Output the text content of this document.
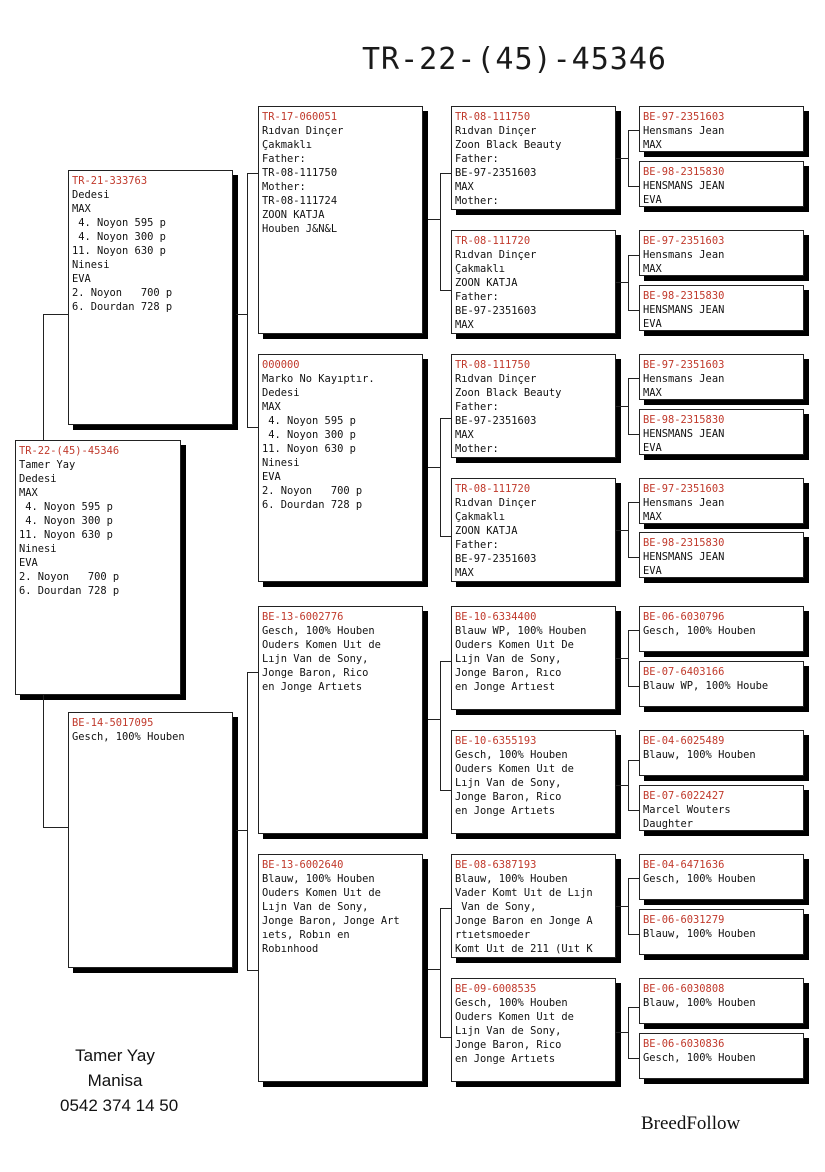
TR-22-(45)-45346
TR-22-(45)-45346
Tamer Yay
Dedesi
MAX
4. Noyon 595 p
4. Noyon 300 p
11. Noyon 630 p
Ninesi
EVA
2. Noyon   700 p
6. Dourdan 728 p
TR-21-333763
Dedesi
MAX
4. Noyon 595 p
4. Noyon 300 p
11. Noyon 630 p
Ninesi
EVA
2. Noyon   700 p
6. Dourdan 728 p
BE-14-5017095
Gesch, 100% Houben
TR-17-060051
Rıdvan Dinçer
Çakmaklı
Father:
TR-08-111750
Mother:
TR-08-111724
ZOON KATJA
Houben J&N&L
000000
Marko No Kayıptır.
Dedesi
MAX
4. Noyon 595 p
4. Noyon 300 p
11. Noyon 630 p
Ninesi
EVA
2. Noyon   700 p
6. Dourdan 728 p
BE-13-6002776
Gesch, 100% Houben
Ouders Komen Uıt de
Lıjn Van de Sony,
Jonge Baron, Rico
en Jonge Artıets
BE-13-6002640
Blauw, 100% Houben
Ouders Komen Uıt de
Lıjn Van de Sony,
Jonge Baron, Jonge Art
ıets, Robın en
Robınhood
TR-08-111750
Rıdvan Dinçer
Zoon Black Beauty
Father:
BE-97-2351603
MAX
Mother:
TR-08-111720
Rıdvan Dinçer
Çakmaklı
ZOON KATJA
Father:
BE-97-2351603
MAX
TR-08-111750
Rıdvan Dinçer
Zoon Black Beauty
Father:
BE-97-2351603
MAX
Mother:
TR-08-111720
Rıdvan Dinçer
Çakmaklı
ZOON KATJA
Father:
BE-97-2351603
MAX
BE-10-6334400
Blauw WP, 100% Houben
Ouders Komen Uıt De
Lıjn Van de Sony,
Jonge Baron, Rıco
en Jonge Artıest
BE-10-6355193
Gesch, 100% Houben
Ouders Komen Uıt de
Lıjn Van de Sony,
Jonge Baron, Rico
en Jonge Artıets
BE-08-6387193
Blauw, 100% Houben
Vader Komt Uıt de Lıjn
Van de Sony,
Jonge Baron en Jonge A
rtıetsmoeder
Komt Uıt de 211 (Uıt K
BE-09-6008535
Gesch, 100% Houben
Ouders Komen Uıt de
Lıjn Van de Sony,
Jonge Baron, Rico
en Jonge Artıets
BE-97-2351603
Hensmans Jean
MAX
BE-98-2315830
HENSMANS JEAN
EVA
BE-97-2351603
Hensmans Jean
MAX
BE-98-2315830
HENSMANS JEAN
EVA
BE-97-2351603
Hensmans Jean
MAX
BE-98-2315830
HENSMANS JEAN
EVA
BE-97-2351603
Hensmans Jean
MAX
BE-98-2315830
HENSMANS JEAN
EVA
BE-06-6030796
Gesch, 100% Houben
BE-07-6403166
Blauw WP, 100% Hoube
BE-04-6025489
Blauw, 100% Houben
BE-07-6022427
Marcel Wouters
Daughter
BE-04-6471636
Gesch, 100% Houben
BE-06-6031279
Blauw, 100% Houben
BE-06-6030808
Blauw, 100% Houben
BE-06-6030836
Gesch, 100% Houben
Tamer Yay
Manisa
0542 374 14 50
BreedFollow
